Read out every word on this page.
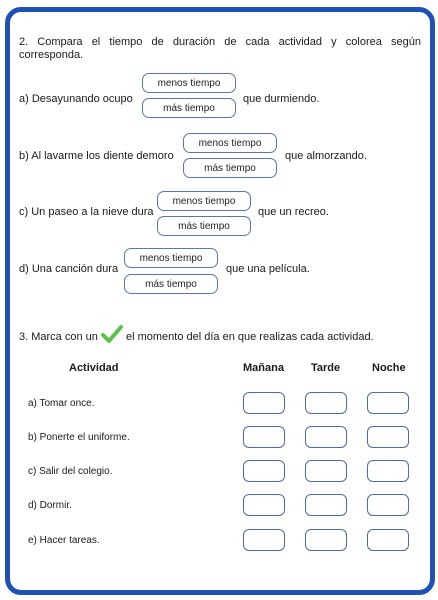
2. Compara el tiempo de duración de cada actividad y colorea según corresponda.
a) Desayunando ocupo
menos tiempo
más tiempo
que durmiendo.
b) Al lavarme los diente demoro
menos tiempo
más tiempo
que almorzando.
c) Un paseo a la nieve dura
menos tiempo
más tiempo
que un recreo.
d) Una canción dura
menos tiempo
más tiempo
que una película.
3. Marca con un	el momento del día en que realizas cada actividad.
Actividad	Mañana Tarde	Noche
a) Tomar once.
b) Ponerte el uniforme.
c) Salir del colegio.
d) Dormir.
e) Hacer tareas.
